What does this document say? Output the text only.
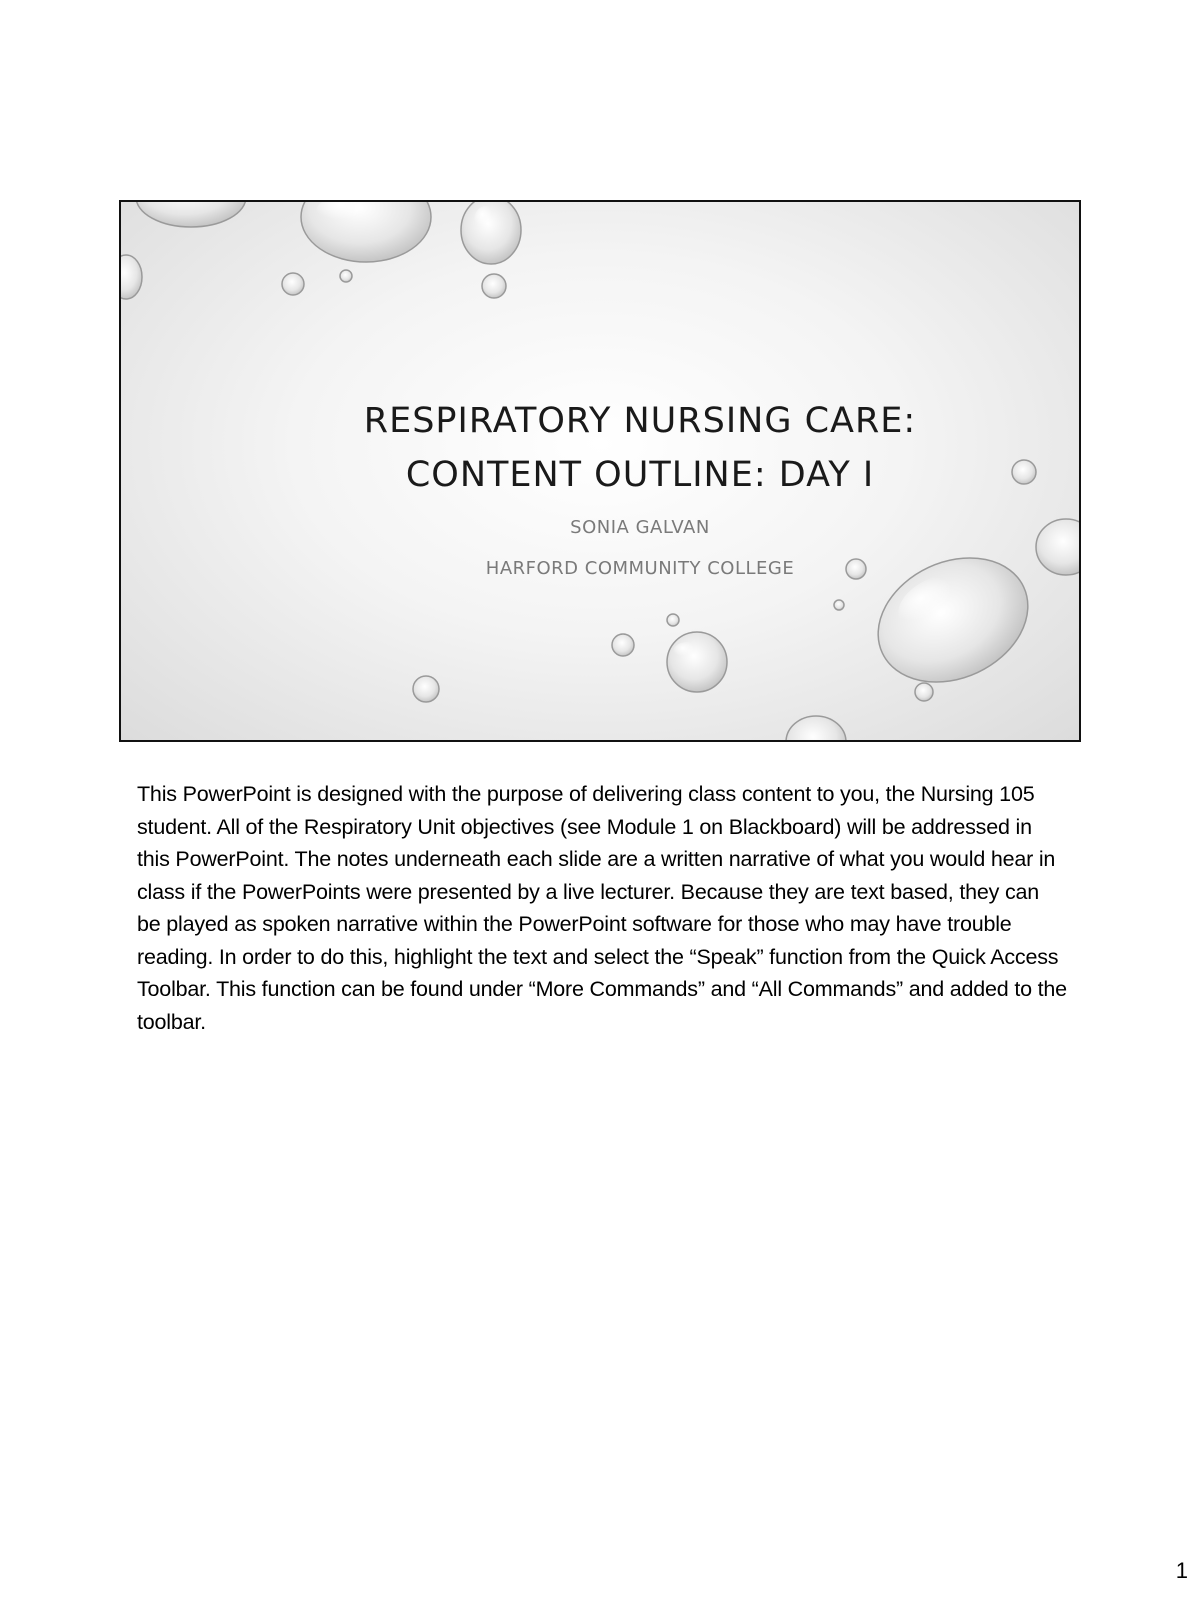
RESPIRATORY NURSING CARE:
CONTENT OUTLINE: DAY I
SONIA GALVAN
HARFORD COMMUNITY COLLEGE

This PowerPoint is designed with the purpose of delivering class content to you, the Nursing 105 student. All of the Respiratory Unit objectives (see Module 1 on Blackboard) will be addressed in this PowerPoint. The notes underneath each slide are a written narrative of what you would hear in class if the PowerPoints were presented by a live lecturer. Because they are text based, they can be played as spoken narrative within the PowerPoint software for those who may have trouble reading. In order to do this, highlight the text and select the “Speak” function from the Quick Access Toolbar. This function can be found under “More Commands” and “All Commands” and added to the toolbar.

1
